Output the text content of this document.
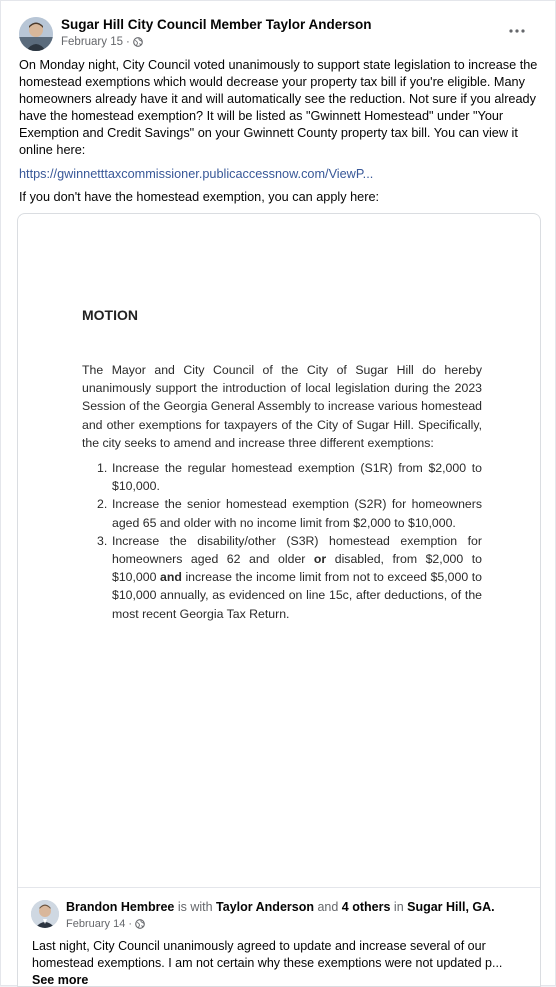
Sugar Hill City Council Member Taylor Anderson
February 15 ·

On Monday night, City Council voted unanimously to support state legislation to increase the homestead exemptions which would decrease your property tax bill if you're eligible. Many homeowners already have it and will automatically see the reduction. Not sure if you already have the homestead exemption? It will be listed as "Gwinnett Homestead" under "Your Exemption and Credit Savings" on your Gwinnett County property tax bill. You can view it online here:

https://gwinnetttaxcommissioner.publicaccessnow.com/ViewP...

If you don't have the homestead exemption, you can apply here:

MOTION

The Mayor and City Council of the City of Sugar Hill do hereby unanimously support the introduction of local legislation during the 2023 Session of the Georgia General Assembly to increase various homestead and other exemptions for taxpayers of the City of Sugar Hill. Specifically, the city seeks to amend and increase three different exemptions:

1. Increase the regular homestead exemption (S1R) from $2,000 to $10,000.
2. Increase the senior homestead exemption (S2R) for homeowners aged 65 and older with no income limit from $2,000 to $10,000.
3. Increase the disability/other (S3R) homestead exemption for homeowners aged 62 and older or disabled, from $2,000 to $10,000 and increase the income limit from not to exceed $5,000 to $10,000 annually, as evidenced on line 15c, after deductions, of the most recent Georgia Tax Return.
Brandon Hembree is with Taylor Anderson and 4 others in Sugar Hill, GA.
February 14 ·
Last night, City Council unanimously agreed to update and increase several of our homestead exemptions. I am not certain why these exemptions were not updated p... See more
